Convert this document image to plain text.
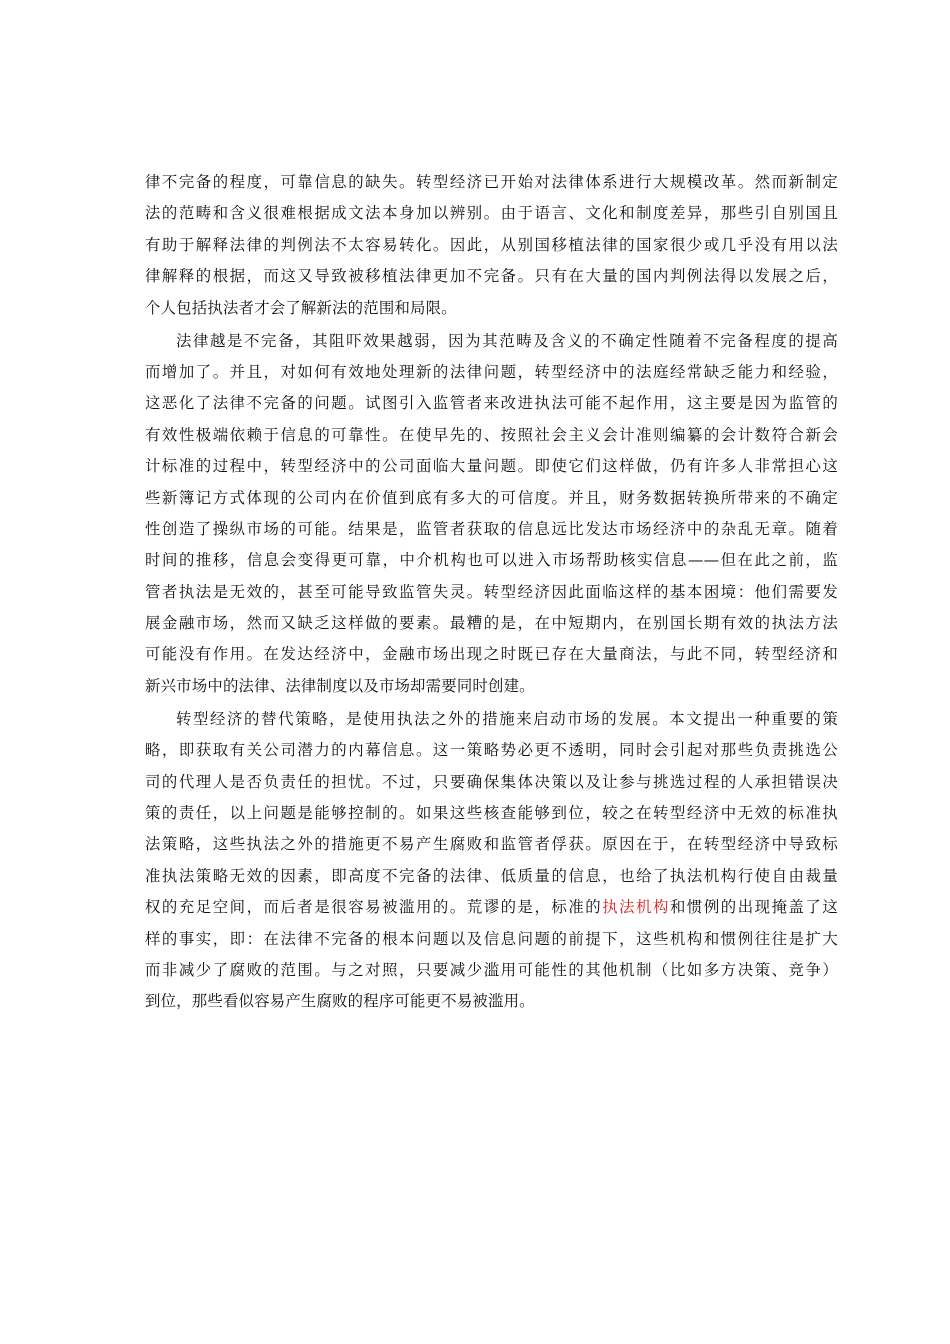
律不完备的程度，可靠信息的缺失。转型经济已开始对法律体系进行大规模改革。然而新制定
法的范畴和含义很难根据成文法本身加以辨别。由于语言、文化和制度差异，那些引自别国且
有助于解释法律的判例法不太容易转化。因此，从别国移植法律的国家很少或几乎没有用以法
律解释的根据，而这又导致被移植法律更加不完备。只有在大量的国内判例法得以发展之后，
个人包括执法者才会了解新法的范围和局限。
法律越是不完备，其阻吓效果越弱，因为其范畴及含义的不确定性随着不完备程度的提高
而增加了。并且，对如何有效地处理新的法律问题，转型经济中的法庭经常缺乏能力和经验，
这恶化了法律不完备的问题。试图引入监管者来改进执法可能不起作用，这主要是因为监管的
有效性极端依赖于信息的可靠性。在使早先的、按照社会主义会计准则编纂的会计数符合新会
计标准的过程中，转型经济中的公司面临大量问题。即使它们这样做，仍有许多人非常担心这
些新簿记方式体现的公司内在价值到底有多大的可信度。并且，财务数据转换所带来的不确定
性创造了操纵市场的可能。结果是，监管者获取的信息远比发达市场经济中的杂乱无章。随着
时间的推移，信息会变得更可靠，中介机构也可以进入市场帮助核实信息——但在此之前，监
管者执法是无效的，甚至可能导致监管失灵。转型经济因此面临这样的基本困境：他们需要发
展金融市场，然而又缺乏这样做的要素。最糟的是，在中短期内，在别国长期有效的执法方法
可能没有作用。在发达经济中，金融市场出现之时既已存在大量商法，与此不同，转型经济和
新兴市场中的法律、法律制度以及市场却需要同时创建。
转型经济的替代策略，是使用执法之外的措施来启动市场的发展。本文提出一种重要的策
略，即获取有关公司潜力的内幕信息。这一策略势必更不透明，同时会引起对那些负责挑选公
司的代理人是否负责任的担忧。不过，只要确保集体决策以及让参与挑选过程的人承担错误决
策的责任，以上问题是能够控制的。如果这些核查能够到位，较之在转型经济中无效的标准执
法策略，这些执法之外的措施更不易产生腐败和监管者俘获。原因在于，在转型经济中导致标
准执法策略无效的因素，即高度不完备的法律、低质量的信息，也给了执法机构行使自由裁量
权的充足空间，而后者是很容易被滥用的。荒谬的是，标准的执法机构和惯例的出现掩盖了这
样的事实，即：在法律不完备的根本问题以及信息问题的前提下，这些机构和惯例往往是扩大
而非减少了腐败的范围。与之对照，只要减少滥用可能性的其他机制（比如多方决策、竞争）
到位，那些看似容易产生腐败的程序可能更不易被滥用。
